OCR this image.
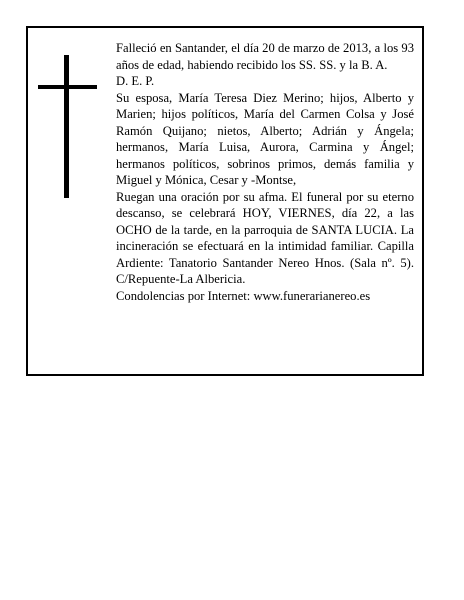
Falleció en Santander, el día 20 de marzo de 2013, a los 93 años de edad, habiendo recibido los SS. SS. y la B. A.

D. E. P.

Su esposa, María Teresa Diez Merino; hijos, Alberto y Marien; hijos políticos, María del Carmen Colsa y José Ramón Quijano; nietos, Alberto; Adrián y Ángela; hermanos, María Luisa, Aurora, Carmina y Ángel; hermanos políticos, sobrinos primos, demás familia y Miguel y Mónica, Cesar y -Montse,

Ruegan una oración por su afma. El funeral por su eterno descanso, se celebrará HOY, VIERNES, día 22, a las OCHO de la tarde, en la parroquia de SANTA LUCIA. La incineración se efectuará en la intimidad familiar. Capilla Ardiente: Tanatorio Santander Nereo Hnos. (Sala nº. 5). C/Repuente-La Albericia.

Condolencias por Internet: www.funerarianereo.es
